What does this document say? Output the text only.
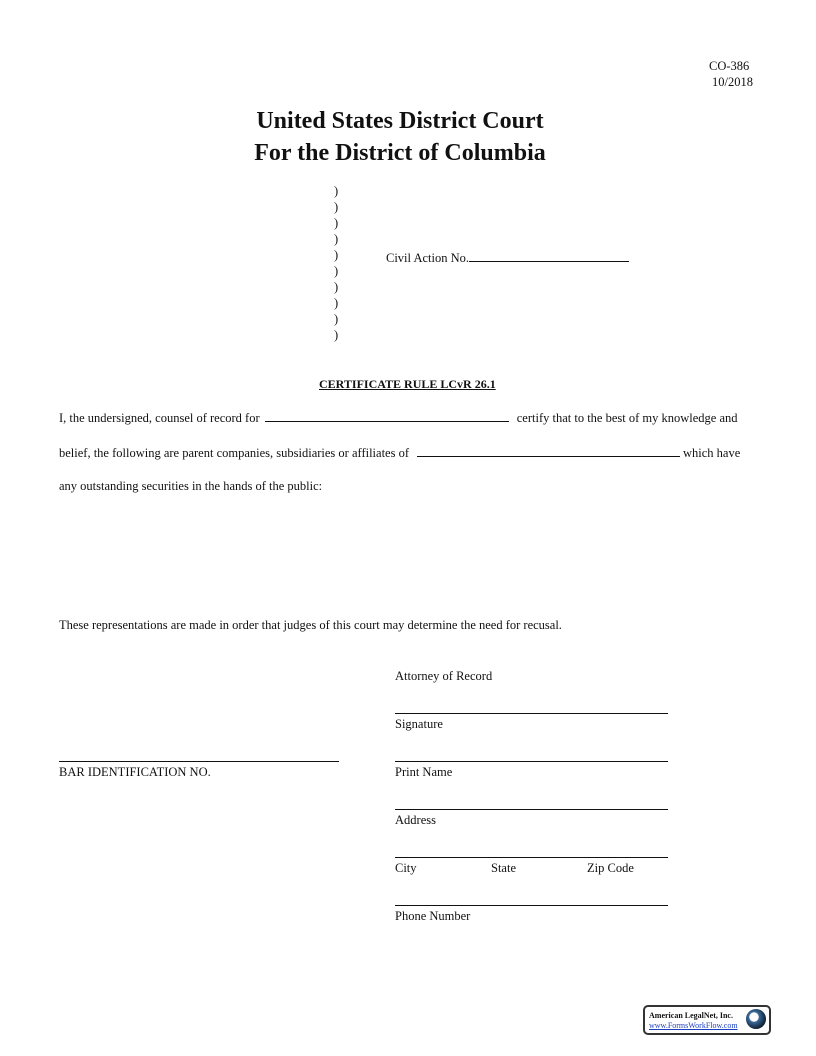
CO-386
10/2018
United States District Court
For the District of Columbia
)
)
)
)
)
)
)
)
)
)
Civil Action No.
CERTIFICATE RULE LCvR 26.1
I, the undersigned, counsel of record for	certify that to the best of my knowledge and
belief, the following are parent companies, subsidiaries or affiliates of	which have
any outstanding securities in the hands of the public:
These representations are made in order that judges of this court may determine the need for recusal.
Attorney of Record
Signature
Print Name
BAR IDENTIFICATION NO.
Address
City	State	Zip Code
Phone Number
American LegalNet, Inc.
www.FormsWorkFlow.com
